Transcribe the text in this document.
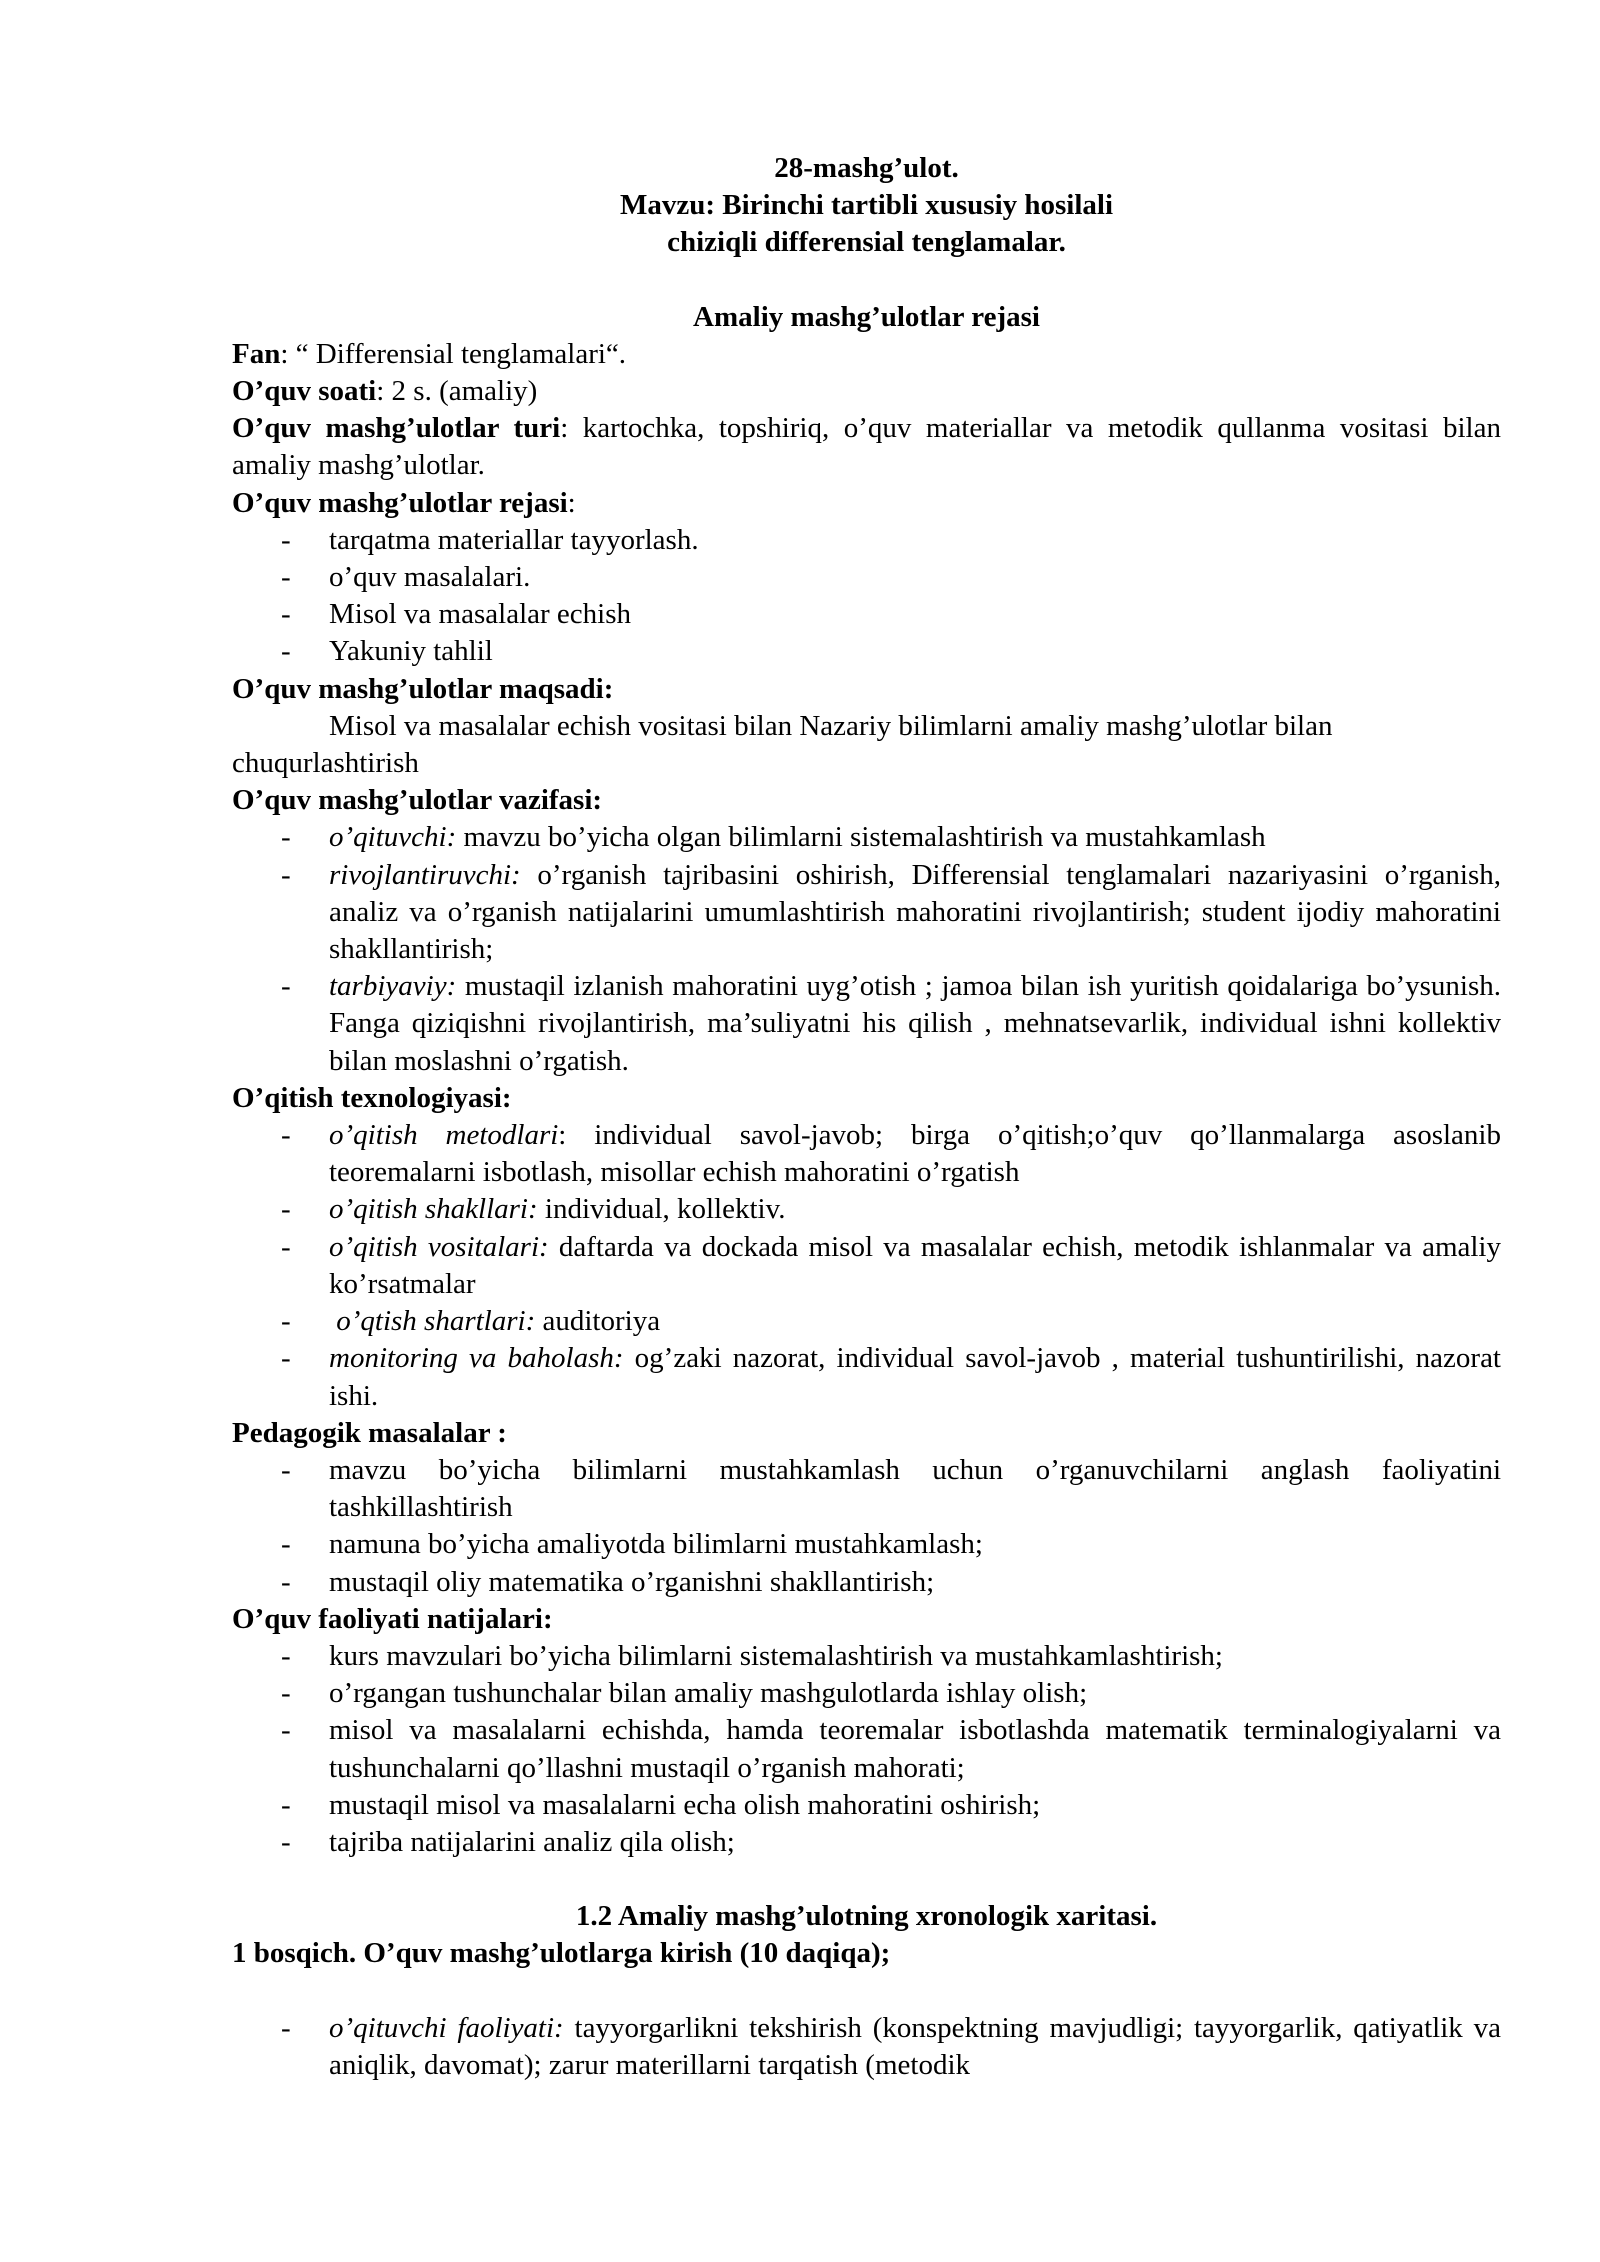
28-mashg’ulot.

Mavzu: Birinchi tartibli xususiy hosilali

chiziqli differensial tenglamalar.

Amaliy mashg’ulotlar rejasi

Fan: “ Differensial tenglamalari“.

O’quv soati: 2 s. (amaliy)

O’quv mashg’ulotlar turi: kartochka, topshiriq, o’quv materiallar va metodik qullanma vositasi bilan amaliy mashg’ulotlar.

O’quv mashg’ulotlar rejasi:

- tarqatma materiallar tayyorlash.
- o’quv masalalari.
- Misol va masalalar echish
- Yakuniy tahlil

O’quv mashg’ulotlar maqsadi:

Misol va masalalar echish vositasi bilan Nazariy bilimlarni amaliy mashg’ulotlar bilan chuqurlashtirish

O’quv mashg’ulotlar vazifasi:

- o’qituvchi: mavzu bo’yicha olgan bilimlarni sistemalashtirish va mustahkamlash
- rivojlantiruvchi: o’rganish tajribasini oshirish, Differensial tenglamalari nazariyasini o’rganish, analiz va o’rganish natijalarini umumlashtirish mahoratini rivojlantirish; student ijodiy mahoratini shakllantirish;
- tarbiyaviy: mustaqil izlanish mahoratini uyg’otish ; jamoa bilan ish yuritish qoidalariga bo’ysunish. Fanga qiziqishni rivojlantirish, ma’suliyatni his qilish , mehnatsevarlik, individual ishni kollektiv bilan moslashni o’rgatish.

O’qitish texnologiyasi:

- o’qitish metodlari: individual savol-javob; birga o’qitish;o’quv qo’llanmalarga asoslanib teoremalarni isbotlash, misollar echish mahoratini o’rgatish
- o’qitish shakllari: individual, kollektiv.
- o’qitish vositalari: daftarda va dockada misol va masalalar echish, metodik ishlanmalar va amaliy ko’rsatmalar
-  o’qtish shartlari: auditoriya
- monitoring va baholash: og’zaki nazorat, individual savol-javob , material tushuntirilishi, nazorat ishi.

Pedagogik masalalar :

- mavzu bo’yicha bilimlarni mustahkamlash uchun o’rganuvchilarni anglash faoliyatini tashkillashtirish
- namuna bo’yicha amaliyotda bilimlarni mustahkamlash;
- mustaqil oliy matematika o’rganishni shakllantirish;

O’quv faoliyati natijalari:

- kurs mavzulari bo’yicha bilimlarni sistemalashtirish va mustahkamlashtirish;
- o’rgangan tushunchalar bilan amaliy mashgulotlarda ishlay olish;
- misol va masalalarni echishda, hamda teoremalar isbotlashda matematik terminalogiyalarni va tushunchalarni qo’llashni mustaqil o’rganish mahorati;
- mustaqil misol va masalalarni echa olish mahoratini oshirish;
- tajriba natijalarini analiz qila olish;

1.2 Amaliy mashg’ulotning xronologik xaritasi.

1 bosqich. O’quv mashg’ulotlarga kirish (10 daqiqa);

- o’qituvchi faoliyati: tayyorgarlikni tekshirish (konspektning mavjudligi; tayyorgarlik, qatiyatlik va aniqlik, davomat); zarur materillarni tarqatish (metodik
